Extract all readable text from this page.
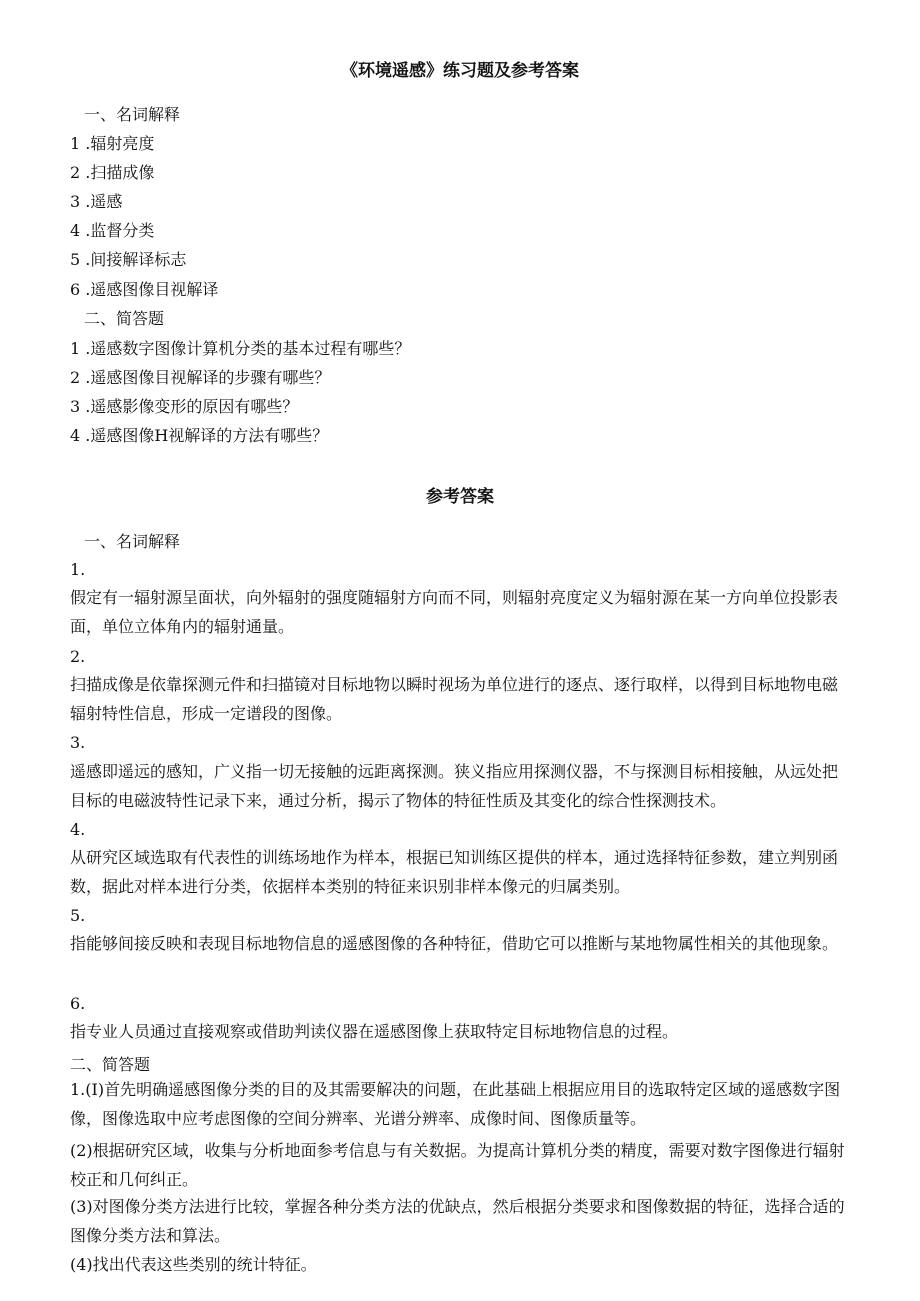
《环境遥感》练习题及参考答案
一、名词解释
1 .辐射亮度
2 .扫描成像
3 .遥感
4 .监督分类
5 .间接解译标志
6 .遥感图像目视解译
二、简答题
1 .遥感数字图像计算机分类的基本过程有哪些？
2 .遥感图像目视解译的步骤有哪些？
3 .遥感影像变形的原因有哪些？
4 .遥感图像H视解译的方法有哪些？
参考答案
一、名词解释
1.
假定有一辐射源呈面状，向外辐射的强度随辐射方向而不同，则辐射亮度定义为辐射源在某一方向单位投影表面，单位立体角内的辐射通量。
2.
扫描成像是依靠探测元件和扫描镜对目标地物以瞬时视场为单位进行的逐点、逐行取样，以得到目标地物电磁辐射特性信息，形成一定谱段的图像。
3.
遥感即遥远的感知，广义指一切无接触的远距离探测。狭义指应用探测仪器，不与探测目标相接触，从远处把目标的电磁波特性记录下来，通过分析，揭示了物体的特征性质及其变化的综合性探测技术。
4.
从研究区域选取有代表性的训练场地作为样本，根据已知训练区提供的样本，通过选择特征参数，建立判别函数，据此对样本进行分类，依据样本类别的特征来识别非样本像元的归属类别。
5.
指能够间接反映和表现目标地物信息的遥感图像的各种特征，借助它可以推断与某地物属性相关的其他现象。
6.
指专业人员通过直接观察或借助判读仪器在遥感图像上获取特定目标地物信息的过程。
二、简答题
1.(I)首先明确遥感图像分类的目的及其需要解决的问题，在此基础上根据应用目的选取特定区域的遥感数字图像，图像选取中应考虑图像的空间分辨率、光谱分辨率、成像时间、图像质量等。
(2)根据研究区域，收集与分析地面参考信息与有关数据。为提高计算机分类的精度，需要对数字图像进行辐射校正和几何纠正。
(3)对图像分类方法进行比较，掌握各种分类方法的优缺点，然后根据分类要求和图像数据的特征，选择合适的图像分类方法和算法。
(4)找出代表这些类别的统计特征。
